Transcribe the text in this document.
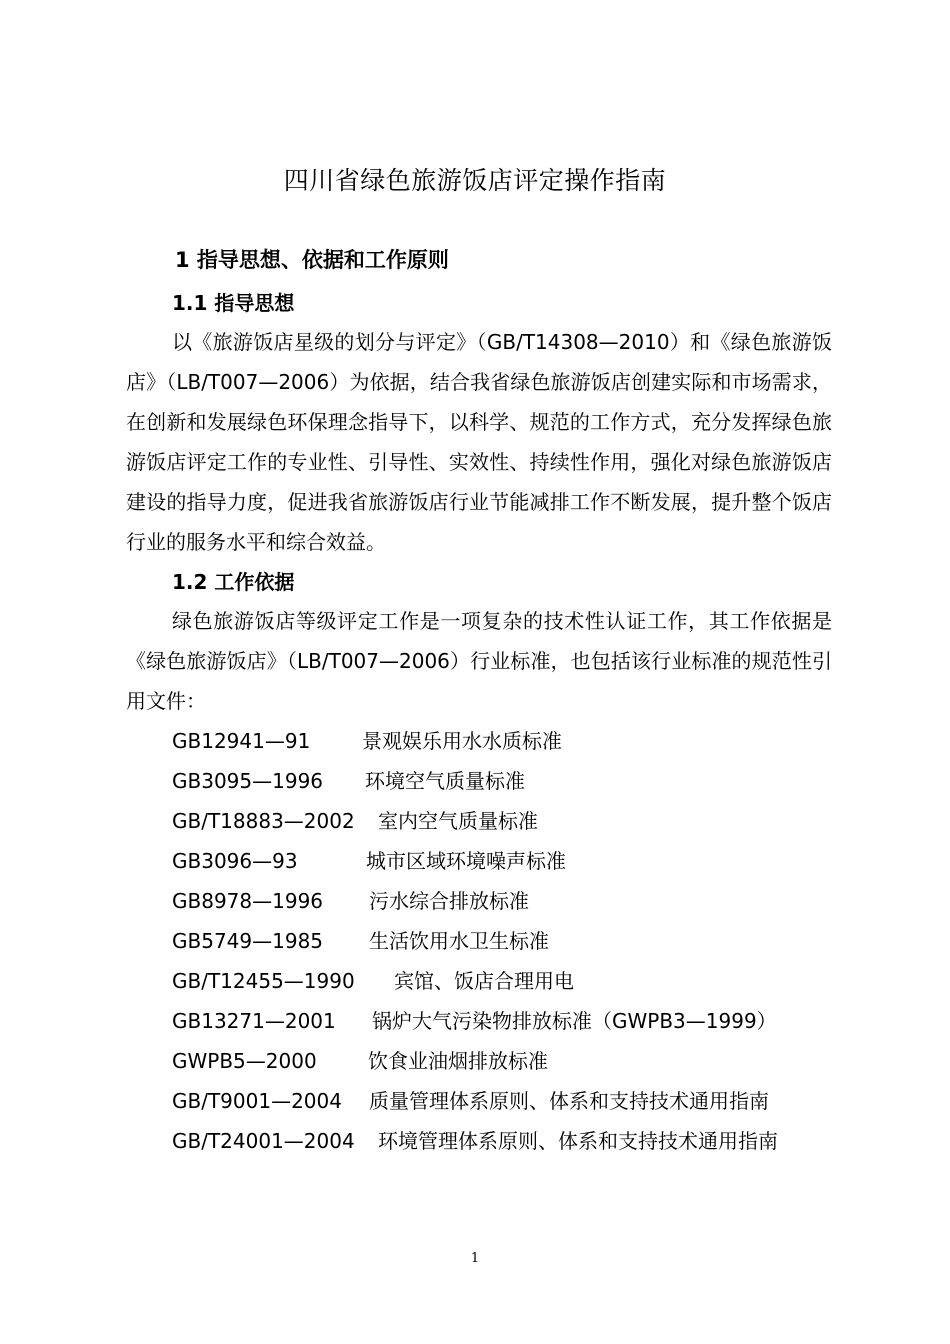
四川省绿色旅游饭店评定操作指南
1 指导思想、依据和工作原则
1.1 指导思想

以《旅游饭店星级的划分与评定》（GB/T14308—2010）和《绿色旅游饭店》（LB/T007—2006）为依据，结合我省绿色旅游饭店创建实际和市场需求，在创新和发展绿色环保理念指导下，以科学、规范的工作方式，充分发挥绿色旅游饭店评定工作的专业性、引导性、实效性、持续性作用，强化对绿色旅游饭店建设的指导力度，促进我省旅游饭店行业节能减排工作不断发展，提升整个饭店行业的服务水平和综合效益。

1.2 工作依据

绿色旅游饭店等级评定工作是一项复杂的技术性认证工作，其工作依据是《绿色旅游饭店》（LB/T007—2006）行业标准，也包括该行业标准的规范性引用文件：

GB12941—91	景观娱乐用水水质标准
GB3095—1996 环境空气质量标准
GB/T18883—2002 室内空气质量标准
GB3096—93	城市区域环境噪声标准
GB8978—1996 污水综合排放标准
GB5749—1985 生活饮用水卫生标准
GB/T12455—1990 宾馆、饭店合理用电
GB13271—2001 锅炉大气污染物排放标准（GWPB3—1999）
GWPB5—2000	饮食业油烟排放标准
GB/T9001—2004 质量管理体系原则、体系和支持技术通用指南
GB/T24001—2004 环境管理体系原则、体系和支持技术通用指南
1
